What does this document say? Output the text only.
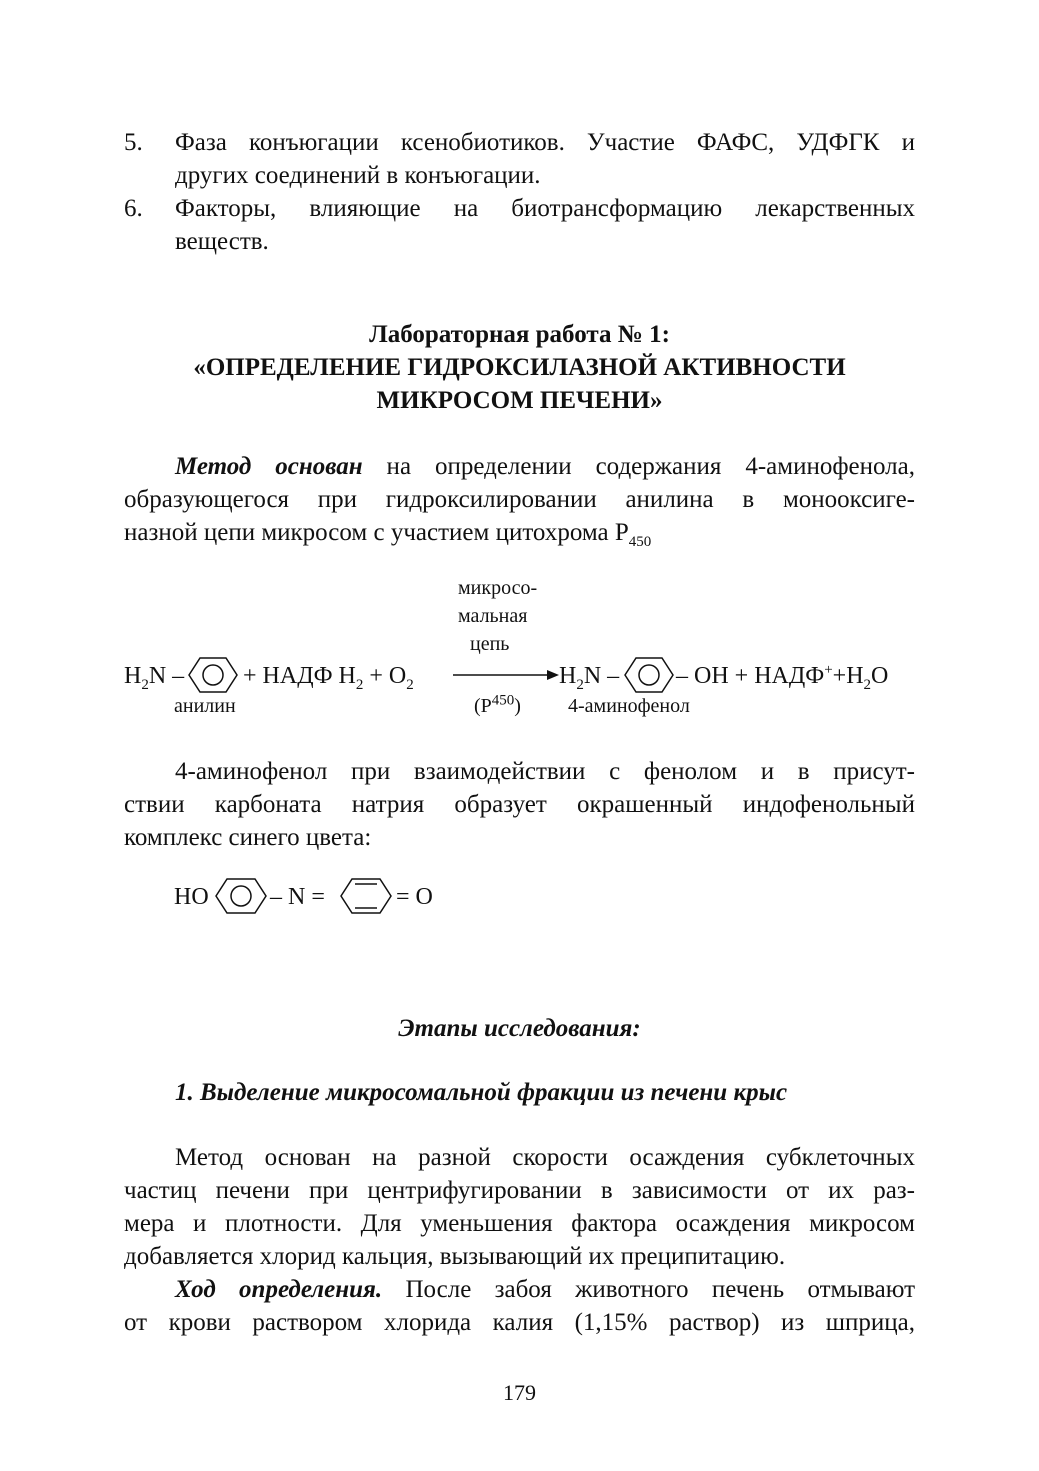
5.	Фаза конъюгации ксенобиотиков. Участие ФАФС, УДФГК и
других соединений в конъюгации.
6.	Факторы, влияющие на биотрансформацию лекарственных
веществ.
Лабораторная работа № 1:
«ОПРЕДЕЛЕНИЕ ГИДРОКСИЛАЗНОЙ АКТИВНОСТИ
МИКРОСОМ ПЕЧЕНИ»
Метод основан на определении содержания 4-аминофенола,
образующегося при гидроксилировании анилина в монооксиге-
назной цепи микросом с участием цитохрома $Р_{450}$
микросо-
мальная
цепь
$H_2N$ – + НАДФ $H_2 + O_2$	$H_2N$ – – OH + $НАДФ^++H_2O$
анилин	$(Р^{450})$ 4-аминофенол
4-аминофенол при взаимодействии с фенолом и в присут-
ствии карбоната натрия образует окрашенный индофенольный
комплекс синего цвета:
HO	– N =	= O
Этапы исследования:
1. Выделение микросомальной фракции из печени крыс
Метод основан на разной скорости осаждения субклеточных
частиц печени при центрифугировании в зависимости от их раз-
мера и плотности. Для уменьшения фактора осаждения микросом
добавляется хлорид кальция, вызывающий их преципитацию.
Ход определения. После забоя животного печень отмывают
от крови раствором хлорида калия (1,15% раствор) из шприца,
179
